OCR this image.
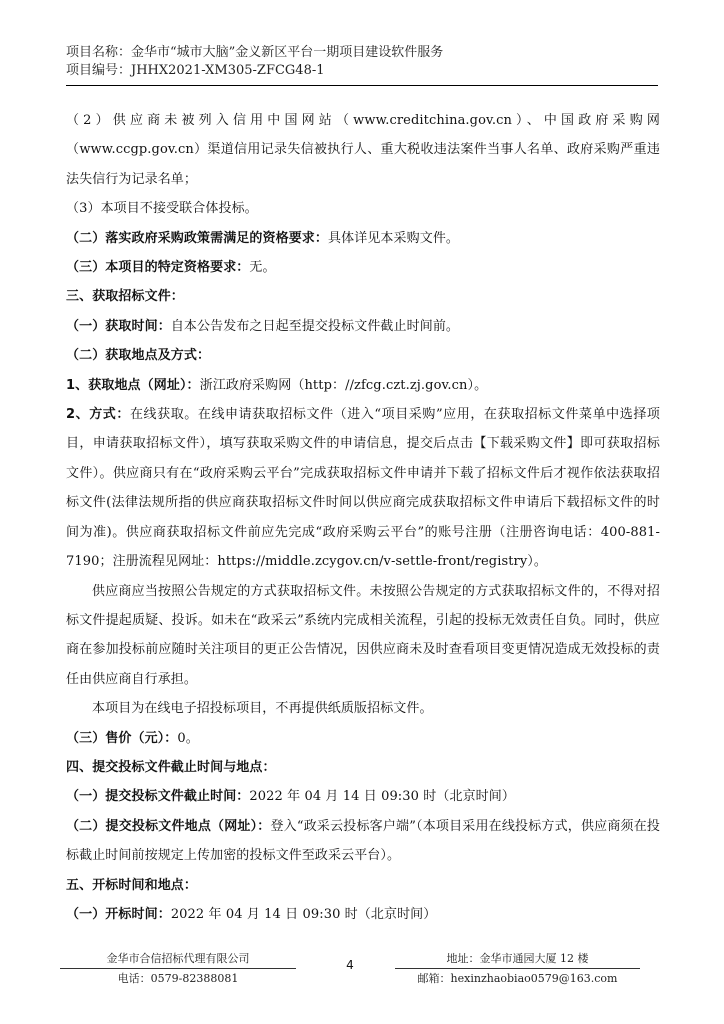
项目名称：金华市“城市大脑”金义新区平台一期项目建设软件服务
项目编号：JHHX2021-XM305-ZFCG48-1

（2）供应商未被列入信用中国网站（www.creditchina.gov.cn）、中国政府采购网（www.ccgp.gov.cn）渠道信用记录失信被执行人、重大税收违法案件当事人名单、政府采购严重违法失信行为记录名单；

（3）本项目不接受联合体投标。

（二）落实政府采购政策需满足的资格要求：具体详见本采购文件。

（三）本项目的特定资格要求：无。

三、获取招标文件：

（一）获取时间：自本公告发布之日起至提交投标文件截止时间前。

（二）获取地点及方式：

1、获取地点（网址）：浙江政府采购网（http：//zfcg.czt.zj.gov.cn）。

2、方式：在线获取。在线申请获取招标文件（进入“项目采购”应用，在获取招标文件菜单中选择项目，申请获取招标文件），填写获取采购文件的申请信息，提交后点击【下载采购文件】即可获取招标文件）。供应商只有在“政府采购云平台”完成获取招标文件申请并下载了招标文件后才视作依法获取招标文件(法律法规所指的供应商获取招标文件时间以供应商完成获取招标文件申请后下载招标文件的时间为准)。供应商获取招标文件前应先完成“政府采购云平台”的账号注册（注册咨询电话：400-881-7190；注册流程见网址：https://middle.zcygov.cn/v-settle-front/registry）。

供应商应当按照公告规定的方式获取招标文件。未按照公告规定的方式获取招标文件的，不得对招标文件提起质疑、投诉。如未在“政采云”系统内完成相关流程，引起的投标无效责任自负。同时，供应商在参加投标前应随时关注项目的更正公告情况，因供应商未及时查看项目变更情况造成无效投标的责任由供应商自行承担。

本项目为在线电子招投标项目，不再提供纸质版招标文件。

（三）售价（元）：0。

四、提交投标文件截止时间与地点：

（一）提交投标文件截止时间：2022 年 04 月 14 日 09:30 时（北京时间）

（二）提交投标文件地点（网址）：登入“政采云投标客户端”（本项目采用在线投标方式，供应商须在投标截止时间前按规定上传加密的投标文件至政采云平台）。

五、开标时间和地点：

（一）开标时间：2022 年 04 月 14 日 09:30 时（北京时间）

金华市合信招标代理有限公司
电话：0579-82388081
4	地址：金华市通园大厦 12 楼
邮箱：hexinzhaobiao0579@163.com
